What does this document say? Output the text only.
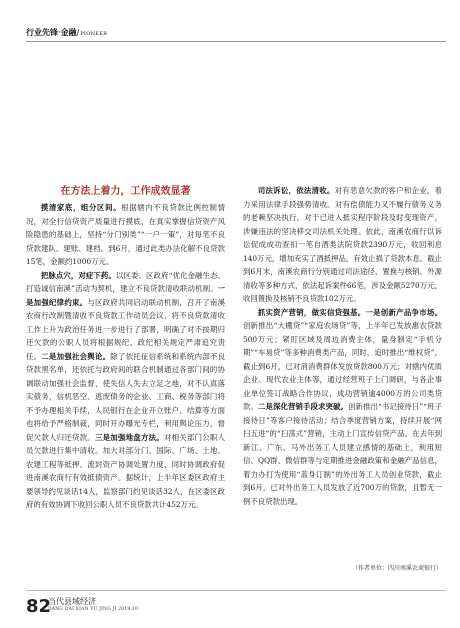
行业先锋·金融/PIONEER
在方法上着力，工作成效显著

摸清家底，组分区间。根据辖内不良贷款比例控制情况，对全行信贷资产质量进行摸底，在真实掌握信贷资产风险隐患的基础上，坚持“分门别类”“一户一策”，对每笔不良贷款建队、建账、建档。到6月，通过此类办法化解不良贷款15笔，金额约1000万元。

把脉点穴，对症下药。以区委、区政府“优化金融生态、打造诚信南溪”活动为契机，建立不良贷款清收联动机制。一是加强纪律约束。与区政府共同启动联动机制，召开了南溪农商行改制暨清收不良贷款工作动员会议，将不良贷款清收工作上升为政治任务进一步进行了部署，明确了对不按期归还欠款的公职人员将根据规纪、政纪相关规定严肃追究责任。二是加强社会舆论。除了依托征信系统和系统内部不良贷款黑名单，还依托与政府间的联合机制通过各部门间的协调联动加强社会监督，使失信人失去立足之地，对不认真落实债务，信机恶空、逃废债务的企业、工商、税务等部门将不予办理相关手续，人民银行在企业开立账户、结算等方面也将给予严格制裁，同时开办曝光专栏，利用舆论压力，督促欠款人归还贷款。三是加强地盘方法。对相关部门公职人员欠款进行集中清收。加大对部分门、国际、广场、土地、农建工程等抵押、流封资产协调处置力度，同时协调政府促进南溪农商行有效抵债资产。据统计，上半年区委区政府主要领导约见谈话14人，监察部门约见谈话32人，在区委区政府的有效协调下收回公职人员不良贷款共计452万元。

司法诉讼，依法清收。对有恶意欠款的客户和企业，着力采用法律手段强势清收。对有偿债能力又不履行债务义务的老赖坚决执行，对于已进入抵实程序阶段及时变现资产，涉嫌违法的坚决移交司法机关处理。依此，南溪农商行以诉讼促成成功查扣一笔自酒类法院贷款2390万元，收回利息140万元，增加充实了酒抵押品，有效止损了贷款本息。截止到6月末，南溪农商行分别通过司法途径、置换与核销、外源清收等多种方式，依法起诉案件66笔，涉及金额5270万元，收回置换及核销不良贷款102万元。

抓实资产营销，做实信贷强基。一是创新产品争市场。创新推出“大棚贷”“家庭农场贷”等，上半年已发放惠农贷款500万元；紧盯区域及周边消费主体，量身制定“手机分期”“车易贷”等多种消费类产品，同时，追时推出“维权贷”，截止到6月，已对消消费群体发放贷款800万元；对辖内优质企业、现代农业主体等，通过经营班子上门调研，与各企事业单位签订战略合作协议，成功营销逾4000万的公司类贷款。二是深化营销手段求突破。创新推出“书记接待日”“班子接待日”等客户接待活动；结合季度营销方案，持续开展“网扫五进”的“扫荡式”营销，主动上门宣传信贷产品。在去年到新江、广东、马外出务工人员建立感情的基础上，利用短信、QQ群、微信群等与定期推进金融政策和金融产品信息，着力办打为使用“蓝身订制”的外出务工人员创业贷款，截止到6月，已对外出务工人员发放了近700万的贷款，且暂无一例不良贷款出现。

（作者单位：四川南溪农商银行）
82
当代县域经济
DANG DAI XIAN YU JING JI 2018.10
